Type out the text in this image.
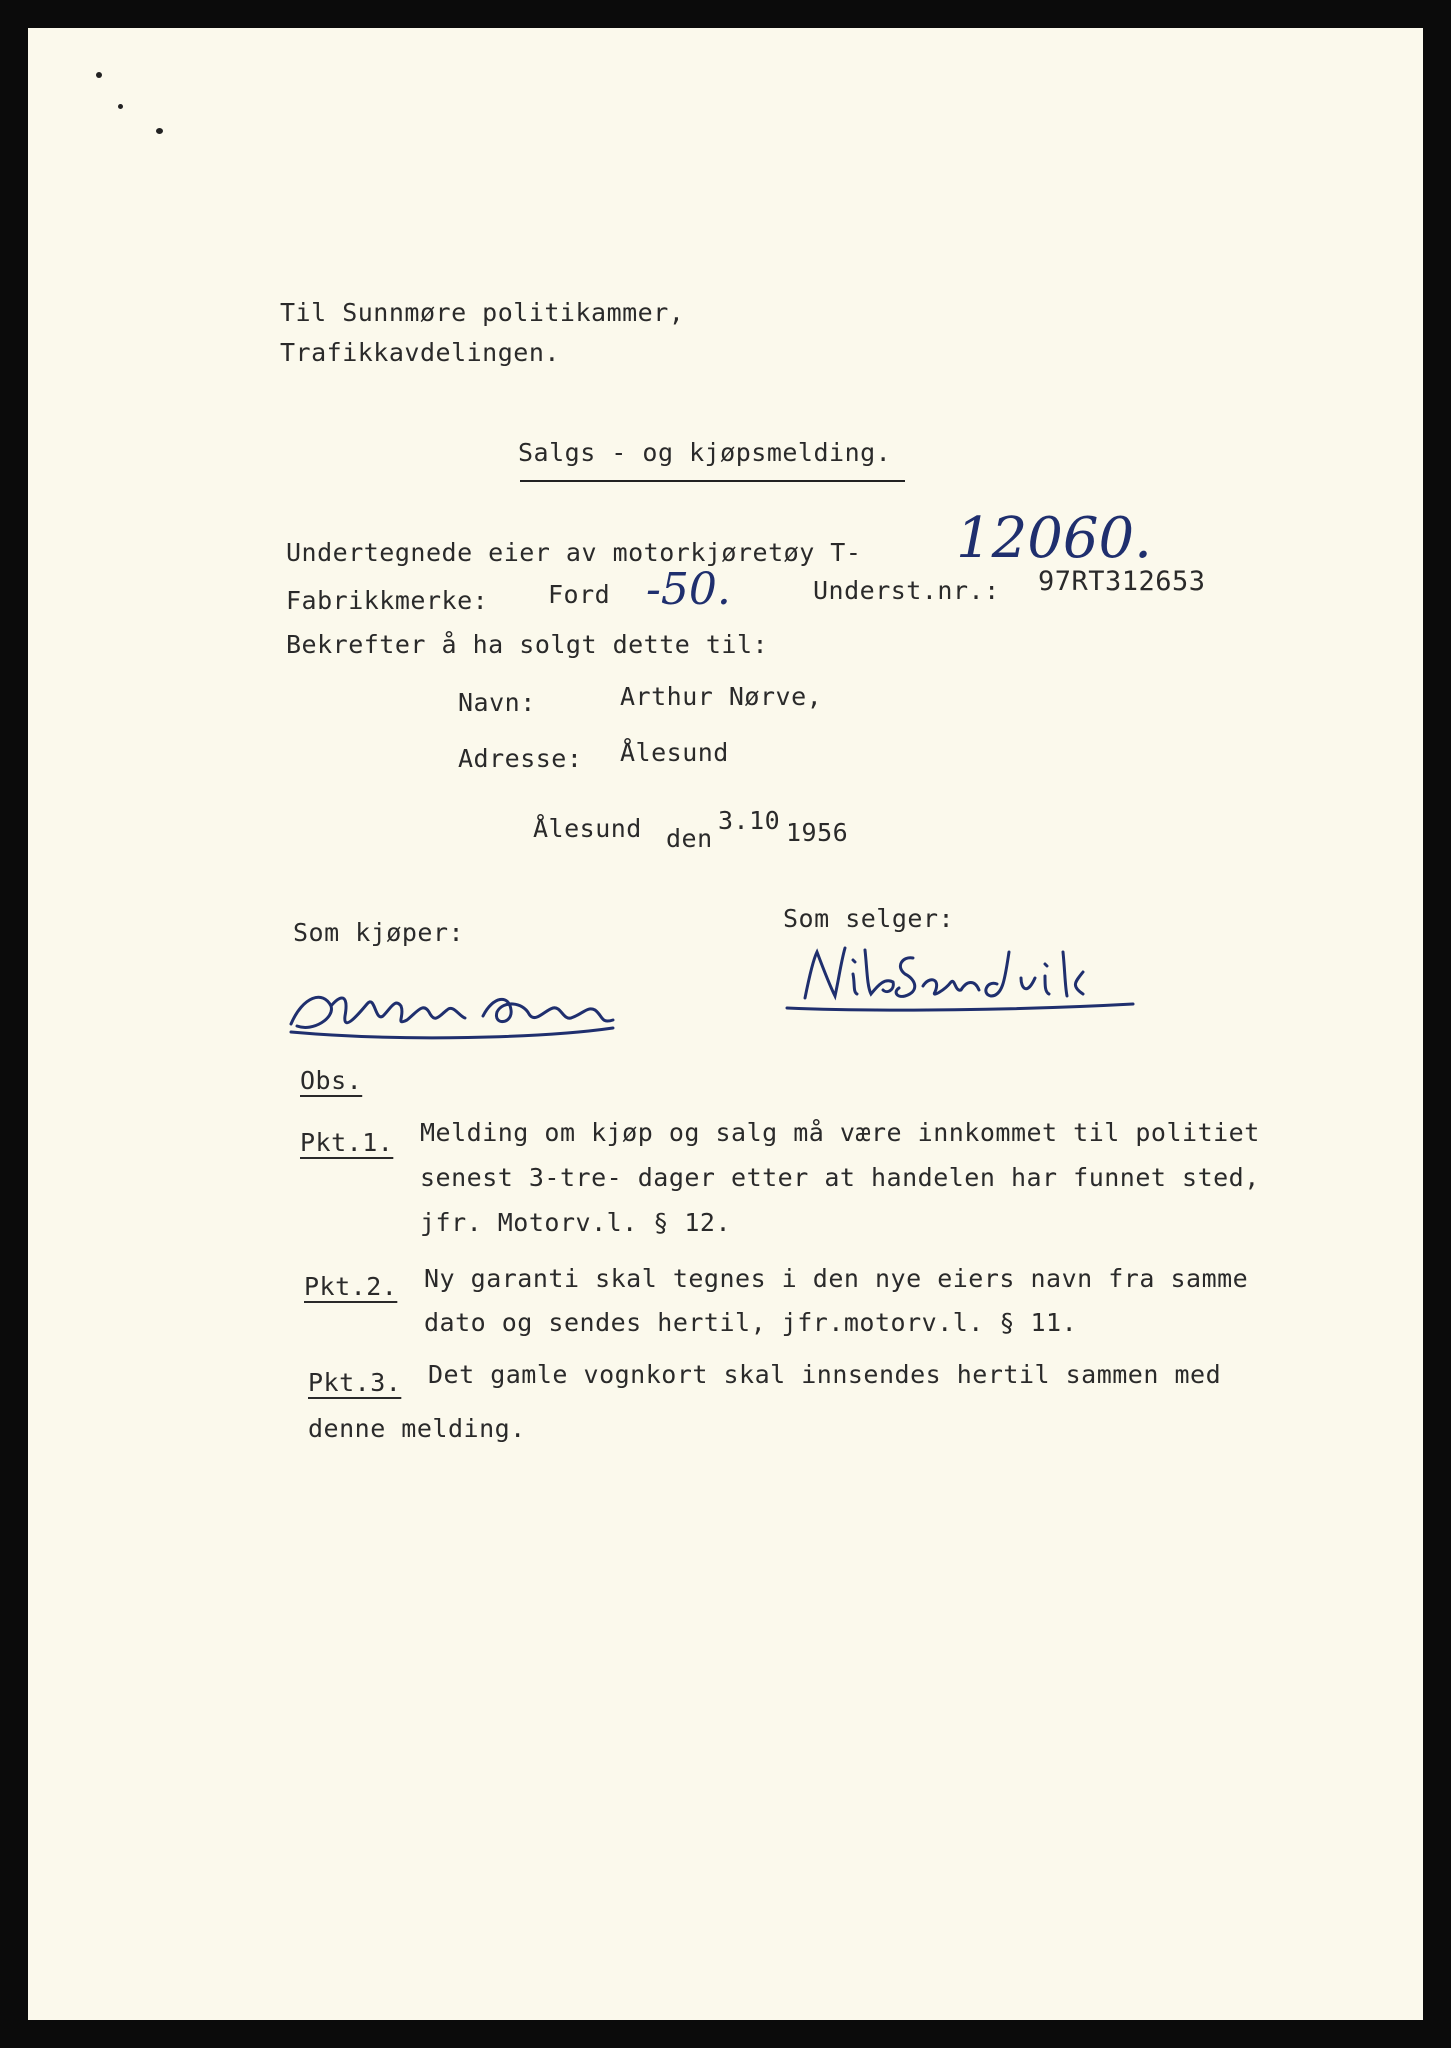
Til Sunnmøre politikammer,
Trafikkavdelingen.
Salgs - og kjøpsmelding.
Undertegnede eier av motorkjøretøy T- 12060.
Fabrikkmerke: Ford -50.	Underst.nr.: 97RT312653
Bekrefter å ha solgt dette til:
Navn:	Arthur Nørve,
Adresse: Ålesund
Ålesund den
3.10 1956
Som kjøper:	Som selger:
Obs.
Pkt.1. Melding om kjøp og salg må være innkommet til politiet
senest 3-tre- dager etter at handelen har funnet sted,
jfr. Motorv.l. § 12.
Pkt.2. Ny garanti skal tegnes i den nye eiers navn fra samme
dato og sendes hertil, jfr.motorv.l. § 11.
Pkt.3. Det gamle vognkort skal innsendes hertil sammen med
denne melding.
